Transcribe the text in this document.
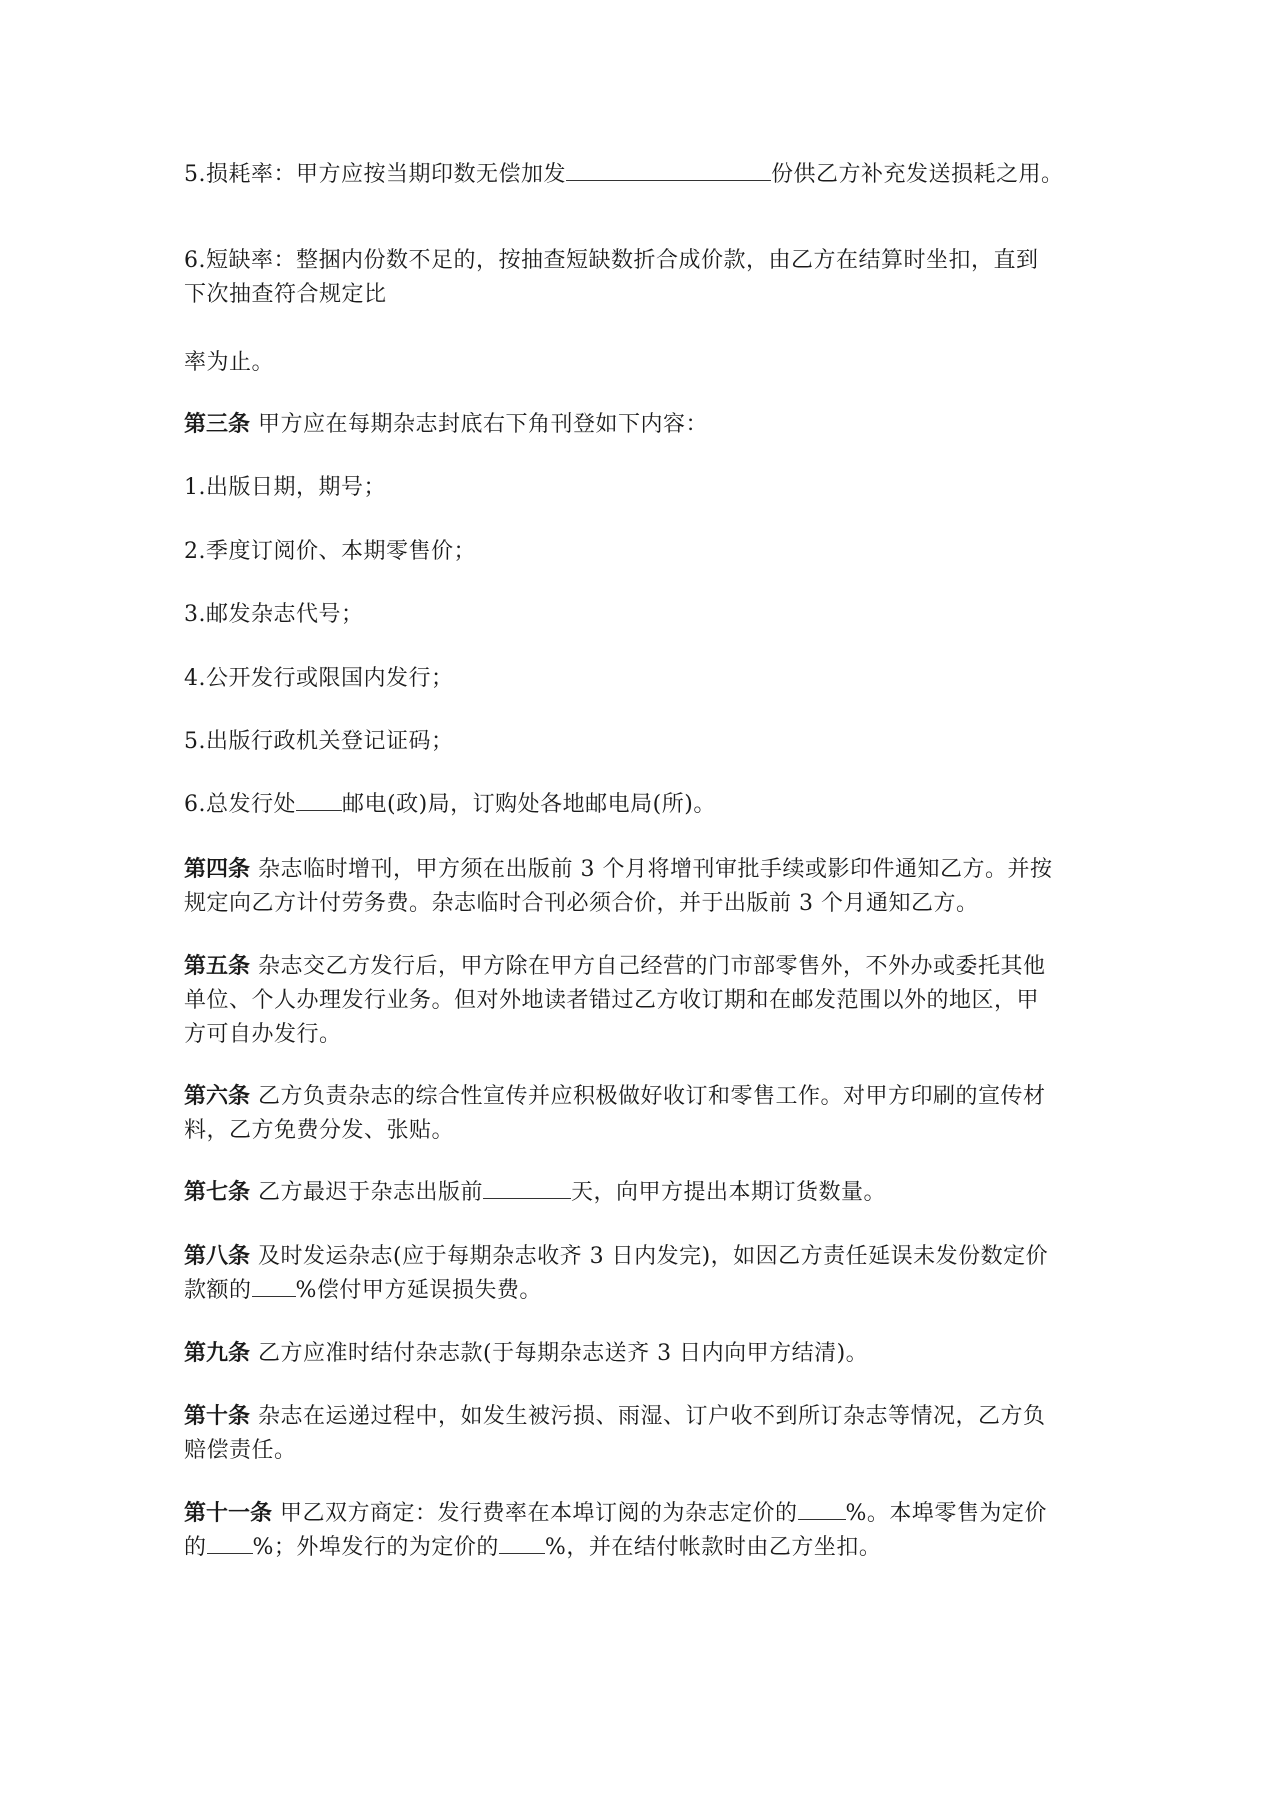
5.损耗率：甲方应按当期印数无偿加发	份供乙方补充发送损耗之用。
6.短缺率：整捆内份数不足的，按抽查短缺数折合成价款，由乙方在结算时坐扣，直到
下次抽查符合规定比
率为止。
第三条 甲方应在每期杂志封底右下角刊登如下内容：
1.出版日期，期号；
2.季度订阅价、本期零售价；
3.邮发杂志代号；
4.公开发行或限国内发行；
5.出版行政机关登记证码；
6.总发行处 邮电(政)局，订购处各地邮电局(所)。
第四条 杂志临时增刊，甲方须在出版前 3 个月将增刊审批手续或影印件通知乙方。并按
规定向乙方计付劳务费。杂志临时合刊必须合价，并于出版前 3 个月通知乙方。
第五条 杂志交乙方发行后，甲方除在甲方自己经营的门市部零售外，不外办或委托其他
单位、个人办理发行业务。但对外地读者错过乙方收订期和在邮发范围以外的地区，甲
方可自办发行。
第六条 乙方负责杂志的综合性宣传并应积极做好收订和零售工作。对甲方印刷的宣传材
料，乙方免费分发、张贴。
第七条 乙方最迟于杂志出版前	天，向甲方提出本期订货数量。
第八条 及时发运杂志(应于每期杂志收齐 3 日内发完)，如因乙方责任延误未发份数定价
款额的 %偿付甲方延误损失费。
第九条 乙方应准时结付杂志款(于每期杂志送齐 3 日内向甲方结清)。
第十条 杂志在运递过程中，如发生被污损、雨湿、订户收不到所订杂志等情况，乙方负
赔偿责任。
第十一条 甲乙双方商定：发行费率在本埠订阅的为杂志定价的 %。本埠零售为定价
的 %；外埠发行的为定价的 %，并在结付帐款时由乙方坐扣。
